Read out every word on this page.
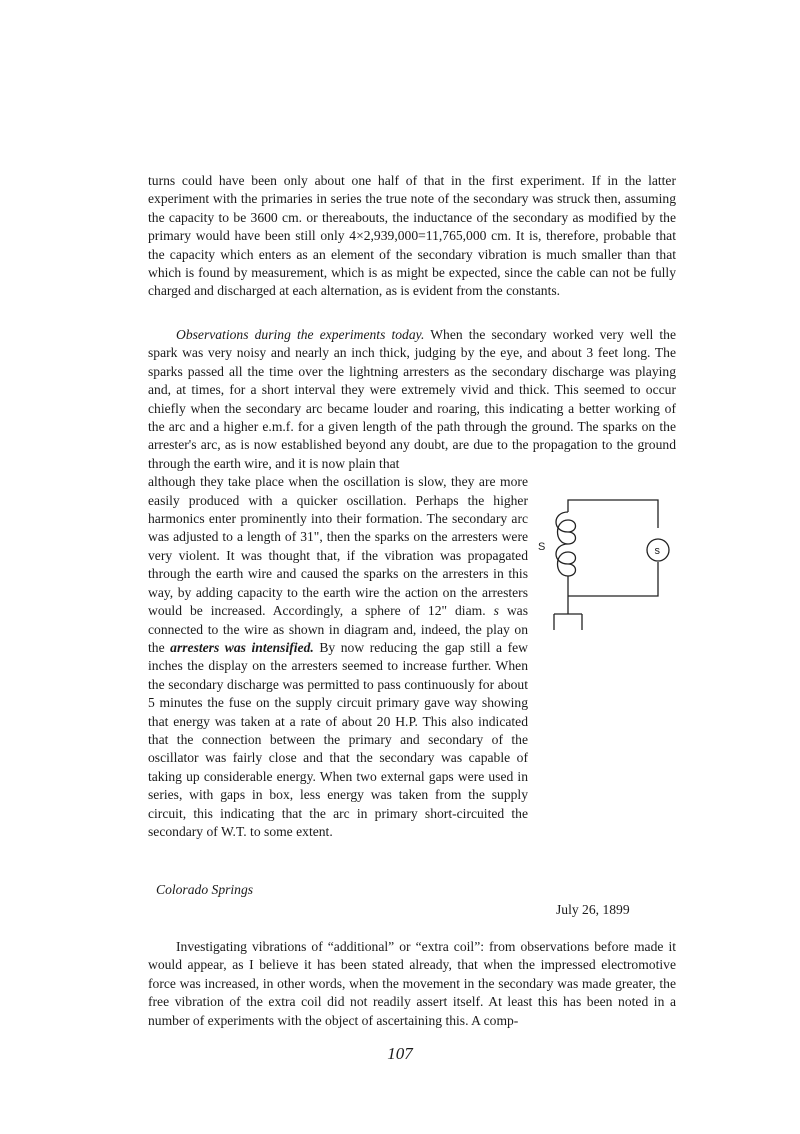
turns could have been only about one half of that in the first experiment. If in the latter experiment with the primaries in series the true note of the secondary was struck then, assuming the capacity to be 3600 cm. or thereabouts, the inductance of the secondary as modified by the primary would have been still only 4×2,939,000=11,765,000 cm. It is, therefore, probable that the capacity which enters as an element of the secondary vibration is much smaller than that which is found by measurement, which is as might be expected, since the cable can not be fully charged and discharged at each alternation, as is evident from the constants.

Observations during the experiments today. When the secondary worked very well the spark was very noisy and nearly an inch thick, judging by the eye, and about 3 feet long. The sparks passed all the time over the lightning arresters as the secondary discharge was playing and, at times, for a short interval they were extremely vivid and thick. This seemed to occur chiefly when the secondary arc became louder and roaring, this indicating a better working of the arc and a higher e.m.f. for a given length of the path through the ground. The sparks on the arrester's arc, as is now established beyond any doubt, are due to the propagation to the ground through the earth wire, and it is now plain that

although they take place when the oscillation is slow, they are more easily produced with a quicker oscillation. Perhaps the higher harmonics enter prominently into their formation. The secondary arc was adjusted to a length of 31", then the sparks on the arresters were very violent. It was thought that, if the vibration was propagated through the earth wire and caused the sparks on the arresters in this way, by adding capacity to the earth wire the action on the arresters would be increased. Accordingly, a sphere of 12" diam. s was connected to the wire as shown in diagram and, indeed, the play on the arresters was intensified. By now reducing the gap still a few inches the display on the arresters seemed to increase further. When the secondary discharge was permitted to pass continuously for about 5 minutes the fuse on the supply circuit primary gave way showing that energy was taken at a rate of about 20 H.P. This also indicated that the connection between the primary and secondary of the oscillator was fairly close and that the secondary was capable of taking up considerable energy. When two external gaps were used in series, with gaps in box, less energy was taken from the supply circuit, this indicating that the arc in primary short-circuited the secondary of W.T. to some extent.

s
S
Colorado Springs
July 26, 1899

Investigating vibrations of “additional” or “extra coil”: from observations before made it would appear, as I believe it has been stated already, that when the impressed electromotive force was increased, in other words, when the movement in the secondary was made greater, the free vibration of the extra coil did not readily assert itself. At least this has been noted in a number of experiments with the object of ascertaining this. A comp-

107
